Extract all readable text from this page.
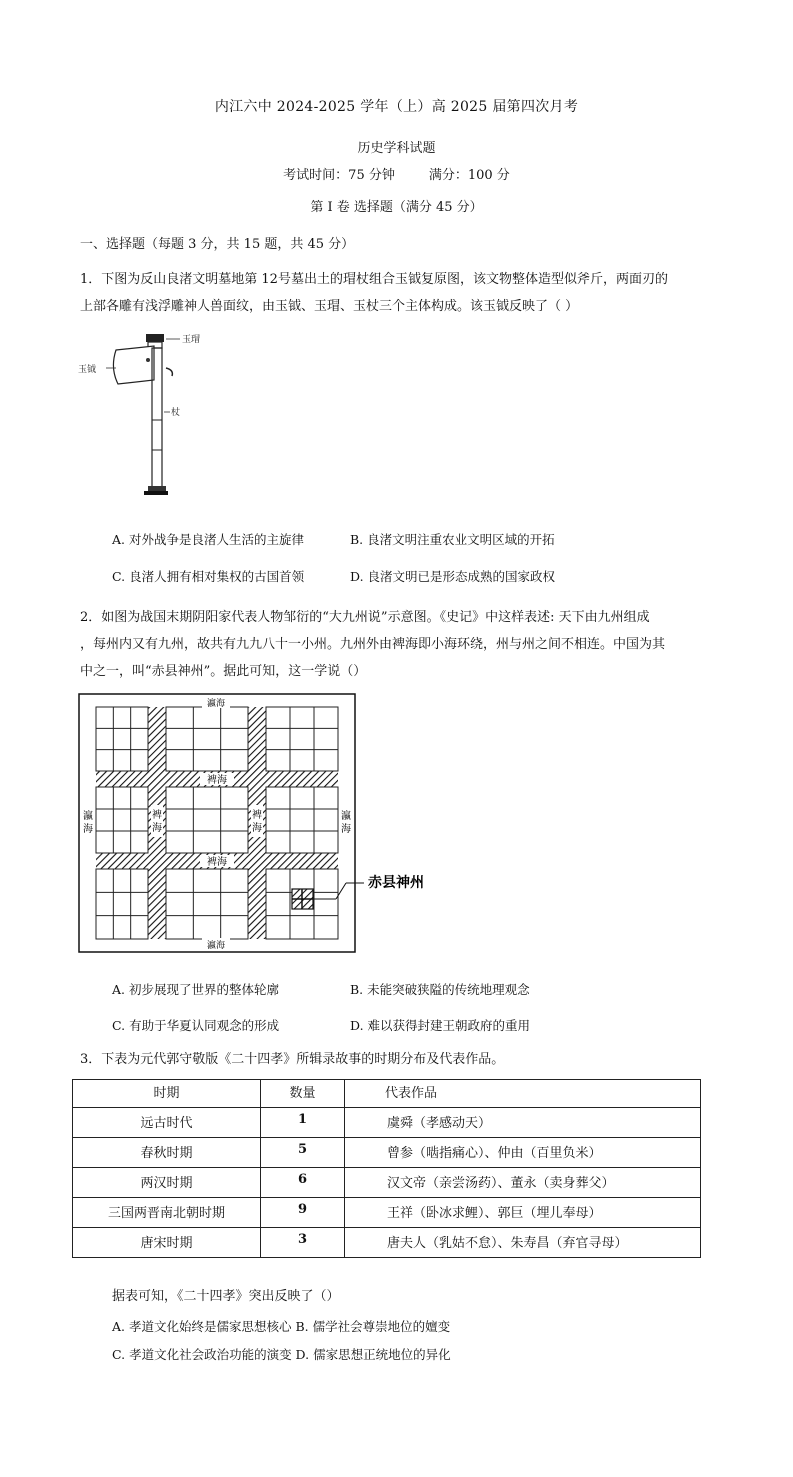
内江六中 2024-2025 学年（上）高 2025 届第四次月考
历史学科试题
考试时间：75 分钟	满分：100 分
第 I 卷 选择题（满分 45 分）
一、选择题（每题 3 分，共 15 题，共 45 分）
1．下图为反山良渚文明墓地第 12号墓出土的瑁杖组合玉钺复原图，该文物整体造型似斧斤，两面刃的
上部各雕有浅浮雕神人兽面纹，由玉钺、玉瑁、玉杖三个主体构成。该玉钺反映了（ ）
玉瑁
玉钺
杖
A. 对外战争是良渚人生活的主旋律	B. 良渚文明注重农业文明区域的开拓
C. 良渚人拥有相对集权的古国首领	D. 良渚文明已是形态成熟的国家政权
2．如图为战国末期阴阳家代表人物邹衍的“大九州说”示意图。《史记》中这样表述: 天下由九州组成
，每州内又有九州，故共有九九八十一小州。九州外由裨海即小海环绕，州与州之间不相连。中国为其
中之一，叫“赤县神州”。据此可知，这一学说（）
瀛海
瀛海
瀛海
瀛海
裨海
裨海
裨海
裨海
赤县神州
A. 初步展现了世界的整体轮廓	B. 未能突破狭隘的传统地理观念
C. 有助于华夏认同观念的形成	D. 难以获得封建王朝政府的重用
3．下表为元代郭守敬版《二十四孝》所辑录故事的时期分布及代表作品。
时期	数量	代表作品
远古时代	1	虞舜（孝感动天）
春秋时期	5	曾参（啮指痛心）、仲由（百里负米）
两汉时期	6	汉文帝（亲尝汤药）、董永（卖身葬父）
三国两晋南北朝时期	9	王祥（卧冰求鲤）、郭巨（埋儿奉母）
唐宋时期	3	唐夫人（乳姑不怠）、朱寿昌（弃官寻母）
据表可知，《二十四孝》突出反映了（）
A. 孝道文化始终是儒家思想核心 B. 儒学社会尊崇地位的嬗变
C. 孝道文化社会政治功能的演变 D. 儒家思想正统地位的异化
